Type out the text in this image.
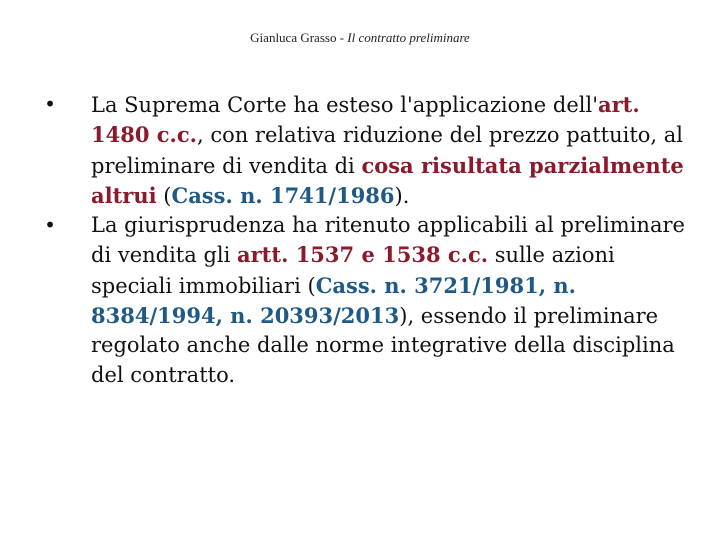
Gianluca Grasso - Il contratto preliminare
•	La Suprema Corte ha esteso l'applicazione dell'art. 1480 c.c., con relativa riduzione del prezzo pattuito, al preliminare di vendita di cosa risultata parzialmente altrui (Cass. n. 1741/1986).
•	La giurisprudenza ha ritenuto applicabili al preliminare di vendita gli artt. 1537 e 1538 c.c. sulle azioni speciali immobiliari (Cass. n. 3721/1981, n. 8384/1994, n. 20393/2013), essendo il preliminare regolato anche dalle norme integrative della disciplina del contratto.
